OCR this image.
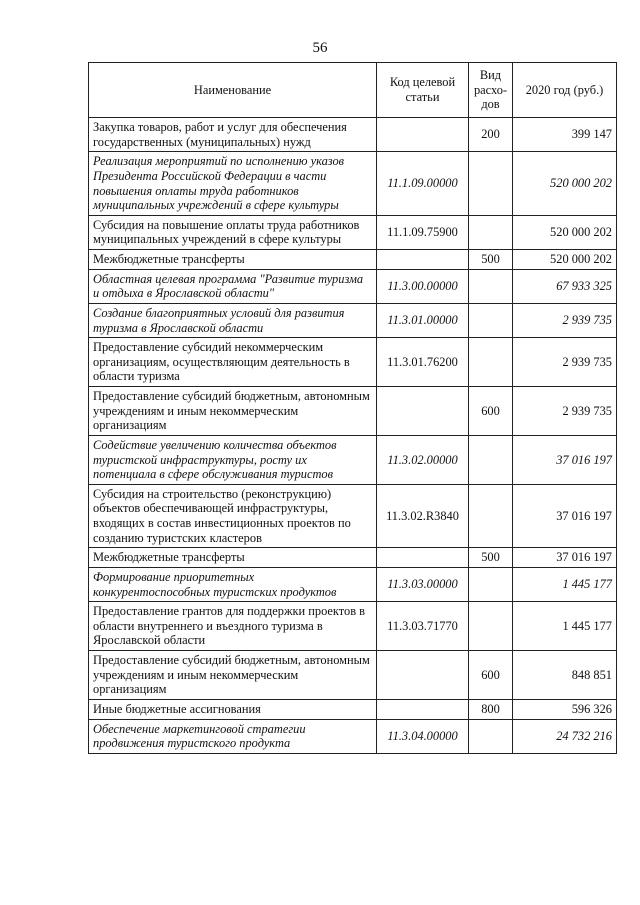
56
Наименование	Код целевой статьи	Вид расхо-дов	2020 год (руб.)
Закупка товаров, работ и услуг для обеспечения государственных (муниципальных) нужд		200	399 147
Реализация мероприятий по исполнению указов Президента Российской Федерации в части повышения оплаты труда работников муниципальных учреждений в сфере культуры	11.1.09.00000		520 000 202
Субсидия на повышение оплаты труда работников муниципальных учреждений в сфере культуры	11.1.09.75900		520 000 202
Межбюджетные трансферты		500	520 000 202
Областная целевая программа "Развитие туризма и отдыха в Ярославской области"	11.3.00.00000		67 933 325
Создание благоприятных условий для развития туризма в Ярославской области	11.3.01.00000		2 939 735
Предоставление субсидий некоммерческим организациям, осуществляющим деятельность в области туризма	11.3.01.76200		2 939 735
Предоставление субсидий бюджетным, автономным учреждениям и иным некоммерческим организациям		600	2 939 735
Содействие увеличению количества объектов туристской инфраструктуры, росту их потенциала в сфере обслуживания туристов	11.3.02.00000		37 016 197
Субсидия на строительство (реконструкцию) объектов обеспечивающей инфраструктуры, входящих в состав инвестиционных проектов по созданию туристских кластеров	11.3.02.R3840		37 016 197
Межбюджетные трансферты		500	37 016 197
Формирование приоритетных конкурентоспособных туристских продуктов	11.3.03.00000		1 445 177
Предоставление грантов для поддержки проектов в области внутреннего и въездного туризма в Ярославской области	11.3.03.71770		1 445 177
Предоставление субсидий бюджетным, автономным учреждениям и иным некоммерческим организациям		600	848 851
Иные бюджетные ассигнования		800	596 326
Обеспечение маркетинговой стратегии продвижения туристского продукта	11.3.04.00000		24 732 216
